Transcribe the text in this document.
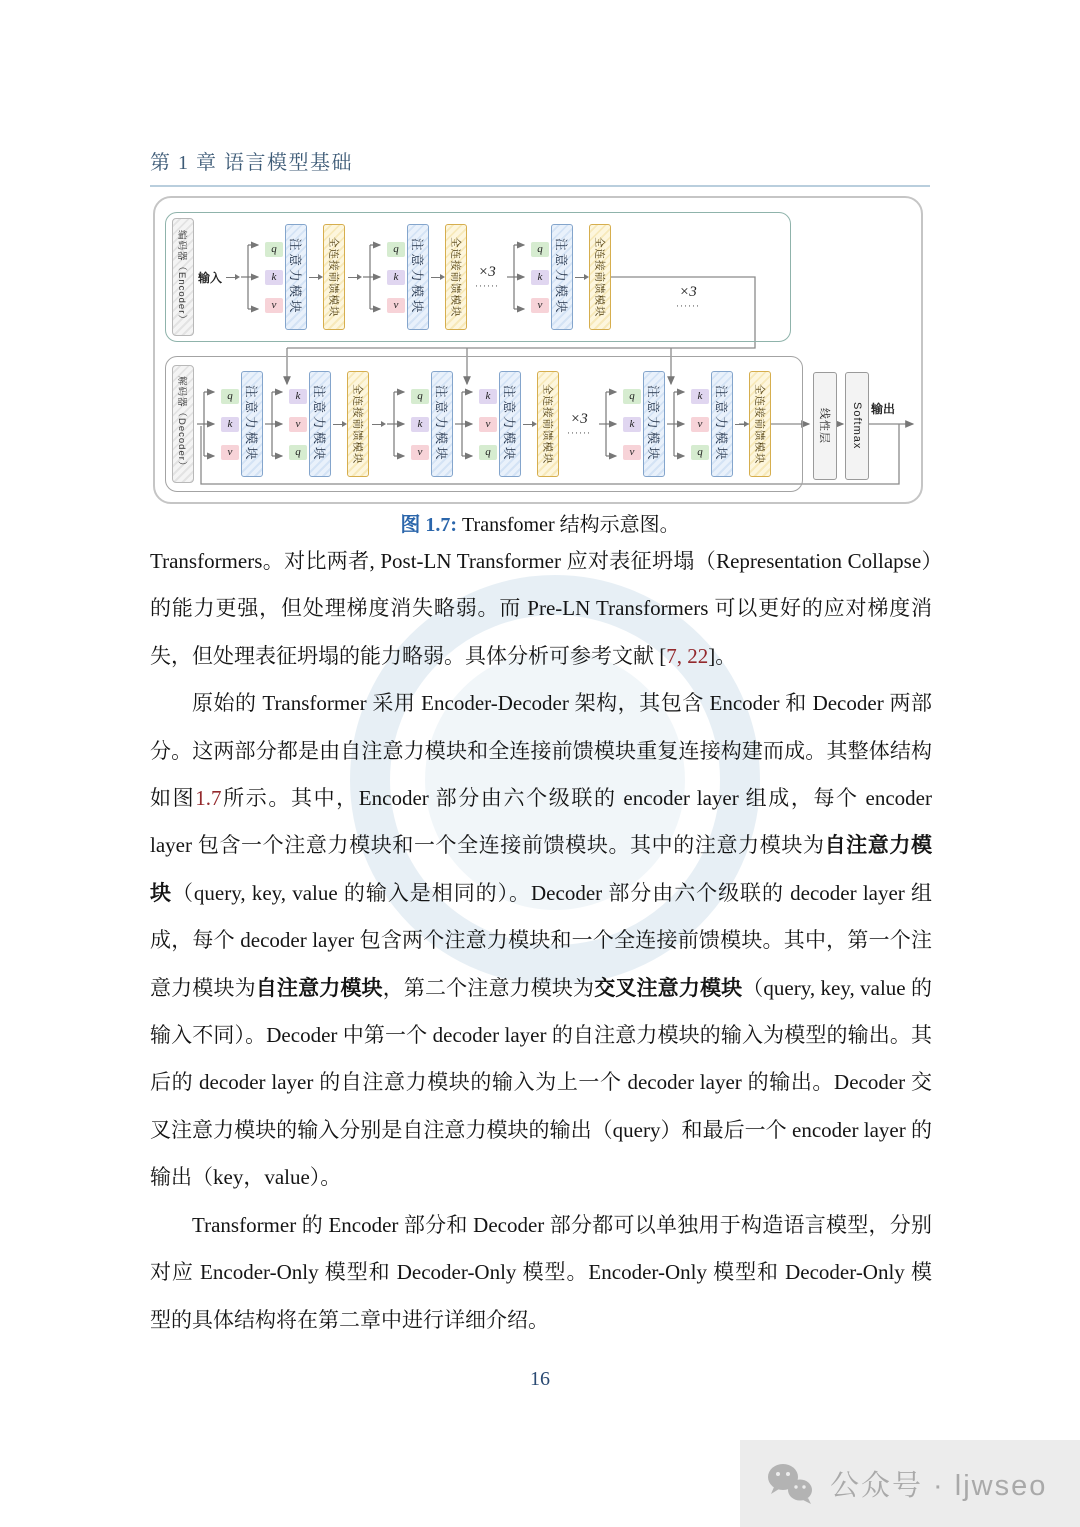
第 1 章 语言模型基础
编码器（Encoder） 输入
q
k
v 注意力模块 全连接前馈模块	q
k
v 注意力模块 全连接前馈模块	×3
······
q
k
v 注意力模块 全连接前馈模块	×3
······
解码器（Decoder）	q
k
v 注意力模块	k
v
q 注意力模块 全连接前馈模块	q
k
v 注意力模块	k
v
q 注意力模块 全连接前馈模块	×3
······
q
k
v 注意力模块	k
v
q 注意力模块 全连接前馈模块	线性层 Softmax 输出
图 1.7: Transfomer 结构示意图。

Transformers。对比两者, Post-LN Transformer 应对表征坍塌（Representation Collapse）的能力更强，但处理梯度消失略弱。而 Pre-LN Transformers 可以更好的应对梯度消失，但处理表征坍塌的能力略弱。具体分析可参考文献 [7, 22]。

原始的 Transformer 采用 Encoder-Decoder 架构，其包含 Encoder 和 Decoder 两部分。这两部分都是由自注意力模块和全连接前馈模块重复连接构建而成。其整体结构如图1.7所示。其中，Encoder 部分由六个级联的 encoder layer 组成，每个 encoder layer 包含一个注意力模块和一个全连接前馈模块。其中的注意力模块为自注意力模块（query, key, value 的输入是相同的）。Decoder 部分由六个级联的 decoder layer 组成，每个 decoder layer 包含两个注意力模块和一个全连接前馈模块。其中，第一个注意力模块为自注意力模块，第二个注意力模块为交叉注意力模块（query, key, value 的输入不同）。Decoder 中第一个 decoder layer 的自注意力模块的输入为模型的输出。其后的 decoder layer 的自注意力模块的输入为上一个 decoder layer 的输出。Decoder 交叉注意力模块的输入分别是自注意力模块的输出（query）和最后一个 encoder layer 的输出（key，value）。

Transformer 的 Encoder 部分和 Decoder 部分都可以单独用于构造语言模型，分别对应 Encoder-Only 模型和 Decoder-Only 模型。Encoder-Only 模型和 Decoder-Only 模型的具体结构将在第二章中进行详细介绍。

16
公众号 · ljwseo
